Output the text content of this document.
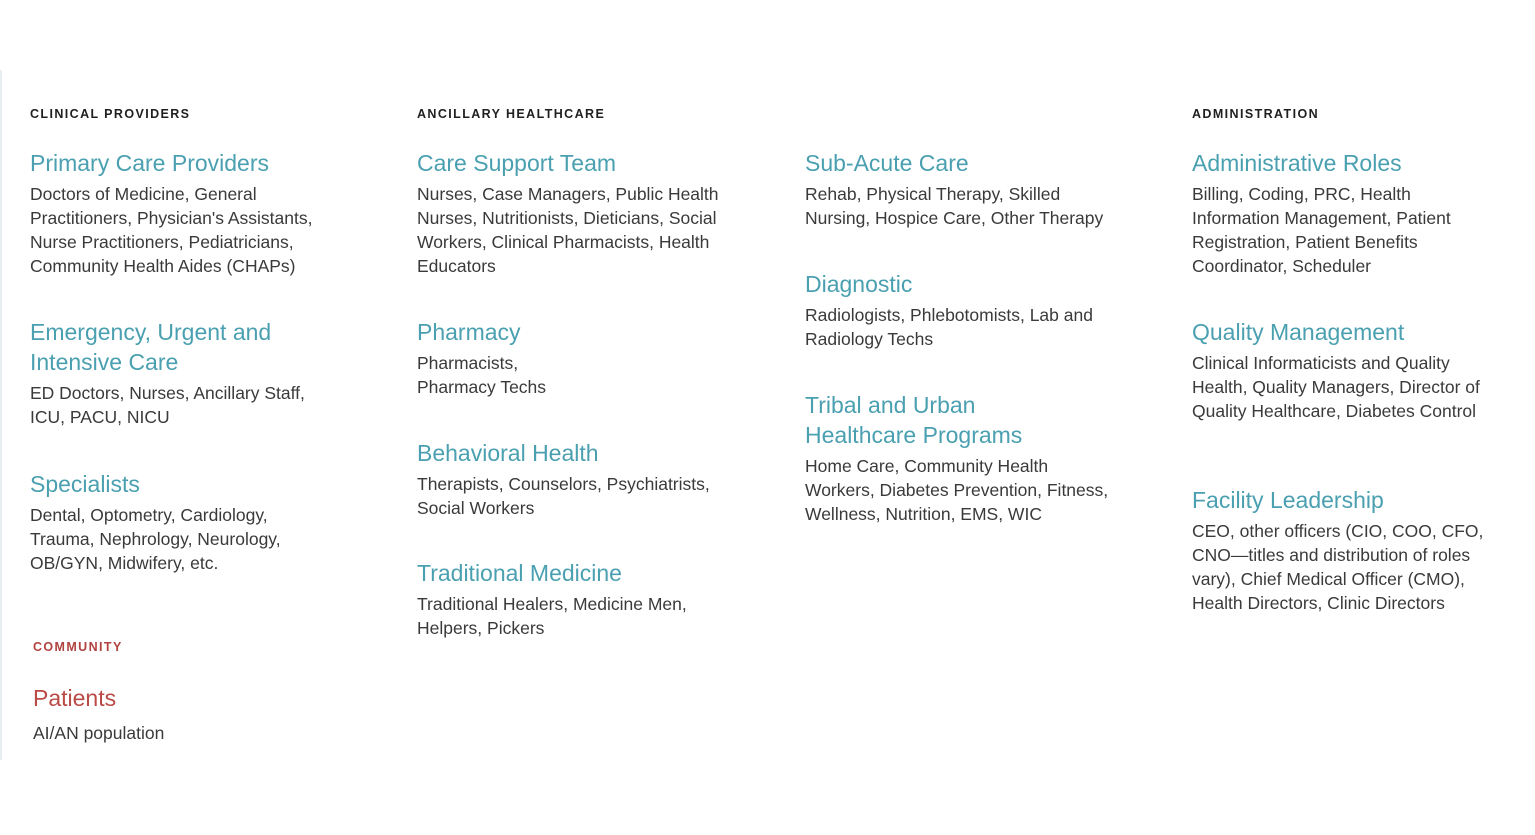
CLINICAL PROVIDERS
Primary Care Providers
Doctors of Medicine, General
Practitioners, Physician's Assistants,
Nurse Practitioners, Pediatricians,
Community Health Aides (CHAPs)
Emergency, Urgent and
Intensive Care
ED Doctors, Nurses, Ancillary Staff,
ICU, PACU, NICU
Specialists
Dental, Optometry, Cardiology,
Trauma, Nephrology, Neurology,
OB/GYN, Midwifery, etc.
COMMUNITY
Patients
AI/AN population
ANCILLARY HEALTHCARE
Care Support Team
Nurses, Case Managers, Public Health
Nurses, Nutritionists, Dieticians, Social
Workers, Clinical Pharmacists, Health
Educators
Pharmacy
Pharmacists,
Pharmacy Techs
Behavioral Health
Therapists, Counselors, Psychiatrists,
Social Workers
Traditional Medicine
Traditional Healers, Medicine Men,
Helpers, Pickers
Sub-Acute Care
Rehab, Physical Therapy, Skilled
Nursing, Hospice Care, Other Therapy
Diagnostic
Radiologists, Phlebotomists, Lab and
Radiology Techs
Tribal and Urban
Healthcare Programs
Home Care, Community Health
Workers, Diabetes Prevention, Fitness,
Wellness, Nutrition, EMS, WIC
ADMINISTRATION
Administrative Roles
Billing, Coding, PRC, Health
Information Management, Patient
Registration, Patient Benefits
Coordinator, Scheduler
Quality Management
Clinical Informaticists and Quality
Health, Quality Managers, Director of
Quality Healthcare, Diabetes Control
Facility Leadership
CEO, other officers (CIO, COO, CFO,
CNO—titles and distribution of roles
vary), Chief Medical Officer (CMO),
Health Directors, Clinic Directors
